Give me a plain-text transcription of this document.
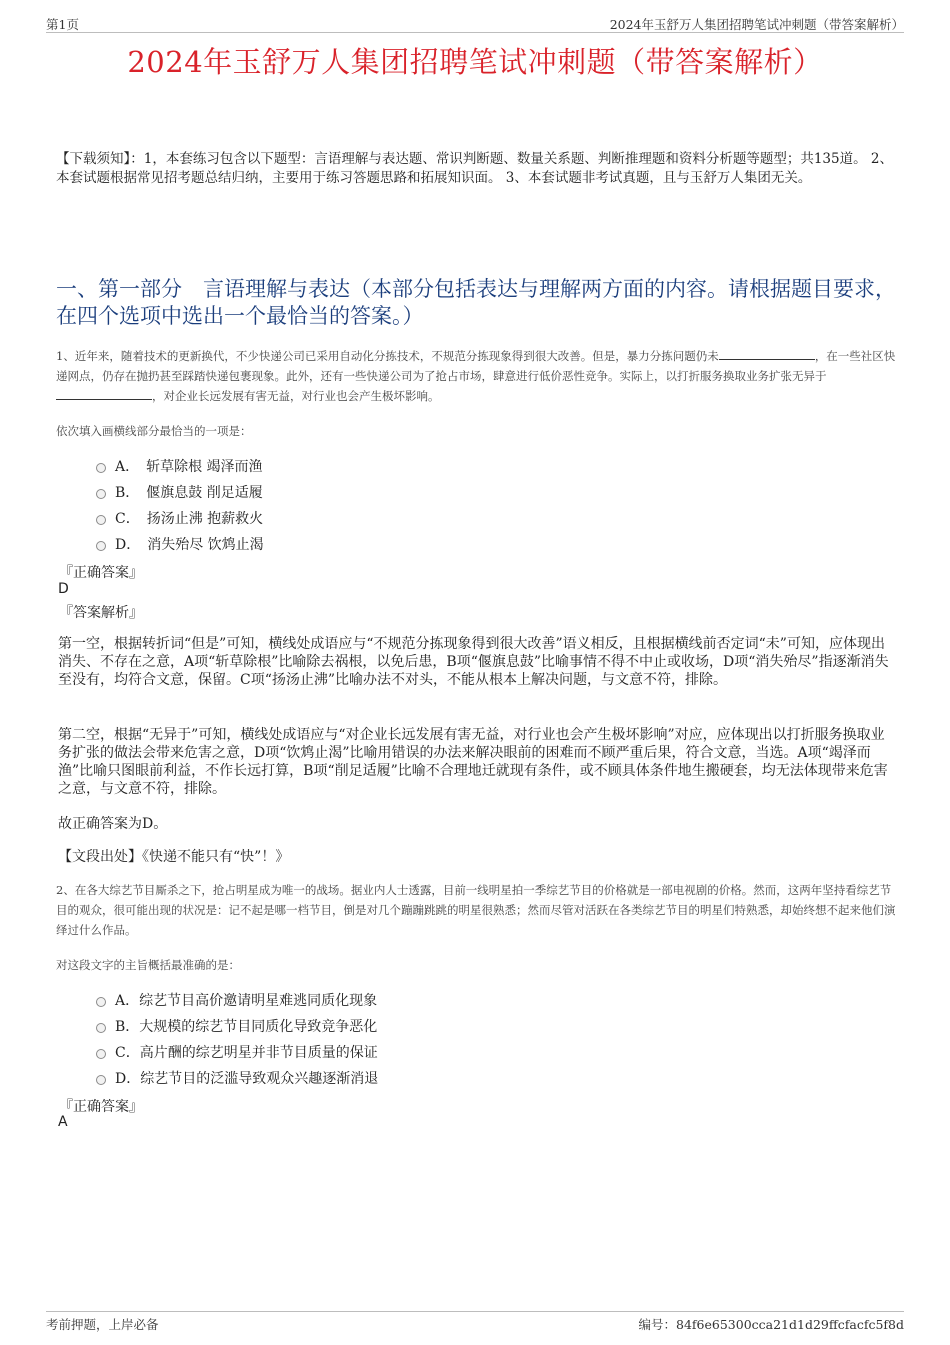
第1页	2024年玉舒万人集团招聘笔试冲刺题（带答案解析）
2024年玉舒万人集团招聘笔试冲刺题（带答案解析）
【下载须知】：1，本套练习包含以下题型：言语理解与表达题、常识判断题、数量关系题、判断推理题和资料分析题等题型；共135道。 2、本套试题根据常见招考题总结归纳，主要用于练习答题思路和拓展知识面。 3、本套试题非考试真题，且与玉舒万人集团无关。
一、第一部分　言语理解与表达（本部分包括表达与理解两方面的内容。请根据题目要求，在四个选项中选出一个最恰当的答案。）
1、近年来，随着技术的更新换代，不少快递公司已采用自动化分拣技术，不规范分拣现象得到很大改善。但是，暴力分拣问题仍未	，在一些社区快递网点，仍存在抛扔甚至踩踏快递包裹现象。此外，还有一些快递公司为了抢占市场，肆意进行低价恶性竞争。实际上，以打折服务换取业务扩张无异于，对企业长远发展有害无益，对行业也会产生极坏影响。
依次填入画横线部分最恰当的一项是：
A．　斩草除根 竭泽而渔
B．　偃旗息鼓 削足适履
C．　扬汤止沸 抱薪救火
D．　消失殆尽 饮鸩止渴
『正确答案』
D
『答案解析』
第一空，根据转折词“但是”可知，横线处成语应与“不规范分拣现象得到很大改善”语义相反，且根据横线前否定词“未”可知，应体现出消失、不存在之意，A项“斩草除根”比喻除去祸根，以免后患，B项“偃旗息鼓”比喻事情不得不中止或收场，D项“消失殆尽”指逐渐消失至没有，均符合文意，保留。C项“扬汤止沸”比喻办法不对头，不能从根本上解决问题，与文意不符，排除。
第二空，根据“无异于”可知，横线处成语应与“对企业长远发展有害无益，对行业也会产生极坏影响”对应，应体现出以打折服务换取业务扩张的做法会带来危害之意，D项“饮鸩止渴”比喻用错误的办法来解决眼前的困难而不顾严重后果，符合文意，当选。A项“竭泽而渔”比喻只图眼前利益，不作长远打算，B项“削足适履”比喻不合理地迁就现有条件，或不顾具体条件地生搬硬套，均无法体现带来危害之意，与文意不符，排除。
故正确答案为D。
【文段出处】《快递不能只有“快”！》
2、在各大综艺节目厮杀之下，抢占明星成为唯一的战场。据业内人士透露，目前一线明星拍一季综艺节目的价格就是一部电视剧的价格。然而，这两年坚持看综艺节目的观众，很可能出现的状况是：记不起是哪一档节目，倒是对几个蹦蹦跳跳的明星很熟悉；然而尽管对活跃在各类综艺节目的明星们特熟悉，却始终想不起来他们演绎过什么作品。
对这段文字的主旨概括最准确的是：
A．综艺节目高价邀请明星难逃同质化现象
B．大规模的综艺节目同质化导致竞争恶化
C．高片酬的综艺明星并非节目质量的保证
D．综艺节目的泛滥导致观众兴趣逐渐消退
『正确答案』
A
考前押题，上岸必备	编号：84f6e65300cca21d1d29ffcfacfc5f8d
